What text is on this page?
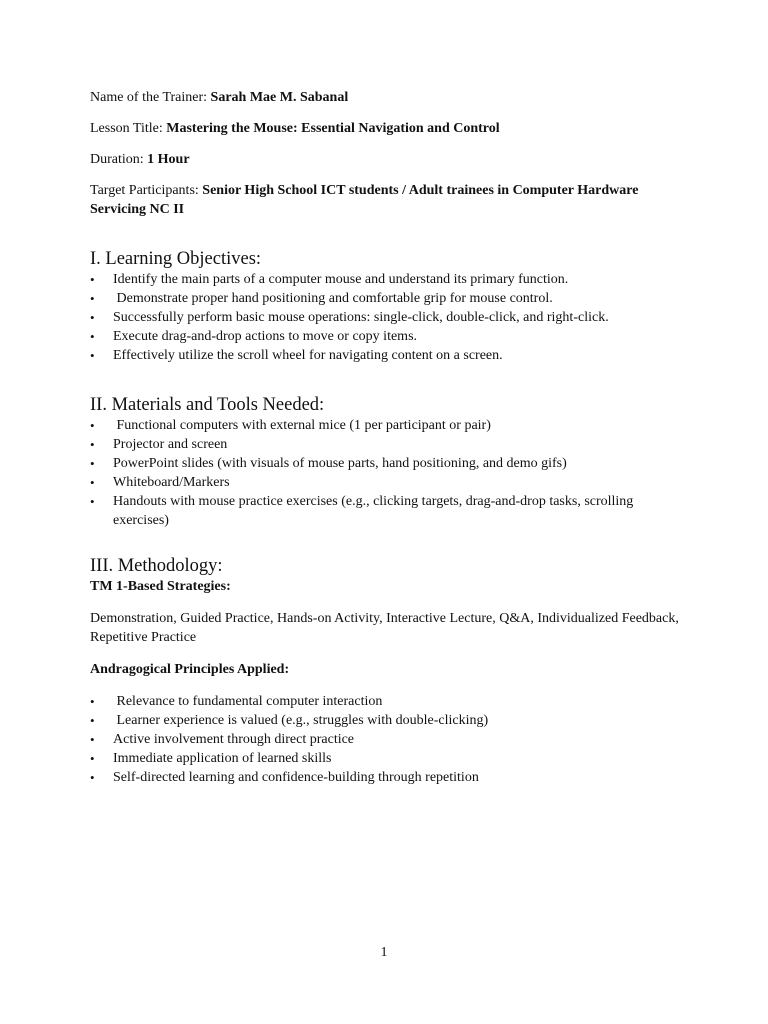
Name of the Trainer: Sarah Mae M. Sabanal

Lesson Title: Mastering the Mouse: Essential Navigation and Control

Duration: 1 Hour

Target Participants: Senior High School ICT students / Adult trainees in Computer Hardware Servicing NC II

I. Learning Objectives:
• Identify the main parts of a computer mouse and understand its primary function.
• Demonstrate proper hand positioning and comfortable grip for mouse control.
• Successfully perform basic mouse operations: single-click, double-click, and right-click.
• Execute drag-and-drop actions to move or copy items.
• Effectively utilize the scroll wheel for navigating content on a screen.
II. Materials and Tools Needed:
• Functional computers with external mice (1 per participant or pair)
• Projector and screen
• PowerPoint slides (with visuals of mouse parts, hand positioning, and demo gifs)
• Whiteboard/Markers
• Handouts with mouse practice exercises (e.g., clicking targets, drag-and-drop tasks, scrolling exercises)
III. Methodology:

TM 1-Based Strategies:

Demonstration, Guided Practice, Hands-on Activity, Interactive Lecture, Q&A, Individualized Feedback, Repetitive Practice

Andragogical Principles Applied:

• Relevance to fundamental computer interaction
• Learner experience is valued (e.g., struggles with double-clicking)
• Active involvement through direct practice
• Immediate application of learned skills
• Self-directed learning and confidence-building through repetition
1
